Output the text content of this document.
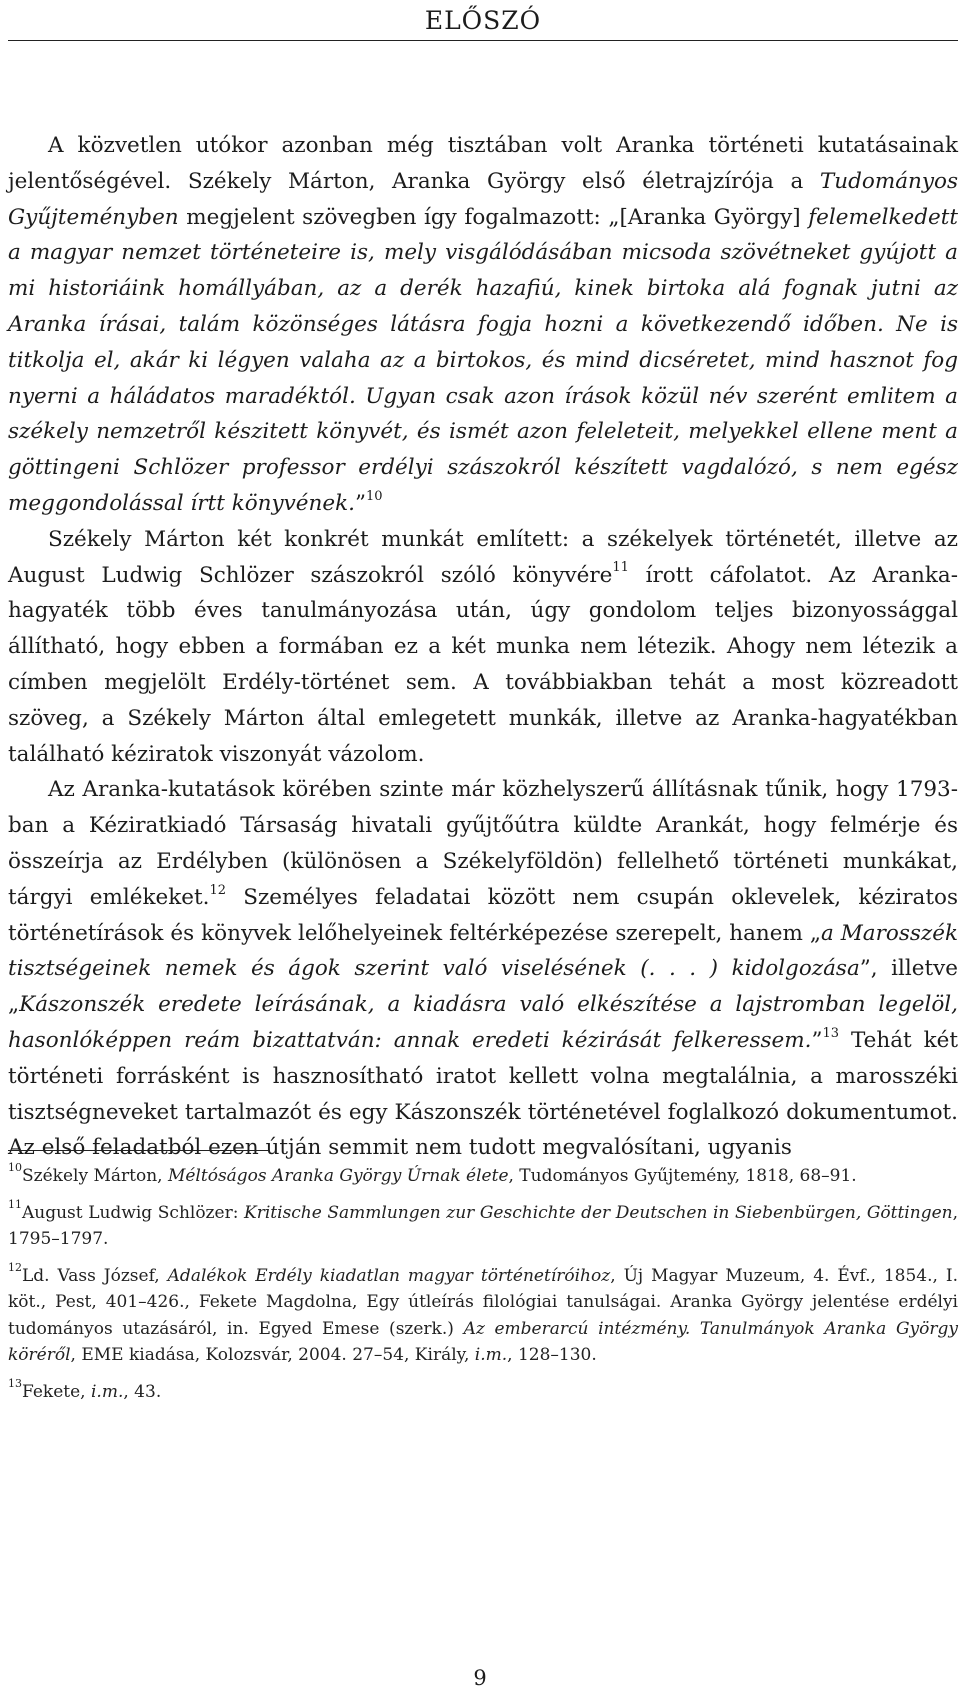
ELŐSZÓ

A közvetlen utókor azonban még tisztában volt Aranka történeti kutatásainak jelentőségével. Székely Márton, Aranka György első életrajzírója a Tudományos Gyűjteményben megjelent szövegben így fogalmazott: „[Aranka György] felemelkedett a magyar nemzet történeteire is, mely visgálódásában micsoda szövétneket gyújott a mi historiáink homállyában, az a derék hazafiú, kinek birtoka alá fognak jutni az Aranka írásai, talám közönséges látásra fogja hozni a következendő időben. Ne is titkolja el, akár ki légyen valaha az a birtokos, és mind dicséretet, mind hasznot fog nyerni a háládatos maradéktól. Ugyan csak azon írások közül név szerént emlitem a székely nemzetről készitett könyvét, és ismét azon feleleteit, melyekkel ellene ment a göttingeni Schlözer professor erdélyi szászokról készített vagdalózó, s nem egész meggondolással írtt könyvének.”$^{10}$

Székely Márton két konkrét munkát említett: a székelyek történetét, illetve az August Ludwig Schlözer szászokról szóló könyvére$^{11}$ írott cáfolatot. Az Aranka-hagyaték több éves tanulmányozása után, úgy gondolom teljes bizonyossággal állítható, hogy ebben a formában ez a két munka nem létezik. Ahogy nem létezik a címben megjelölt Erdély-történet sem. A továbbiakban tehát a most közreadott szöveg, a Székely Márton által emlegetett munkák, illetve az Aranka-hagyatékban található kéziratok viszonyát vázolom.

Az Aranka-kutatások körében szinte már közhelyszerű állításnak tűnik, hogy 1793-ban a Kéziratkiadó Társaság hivatali gyűjtőútra küldte Arankát, hogy felmérje és összeírja az Erdélyben (különösen a Székelyföldön) fellelhető történeti munkákat, tárgyi emlékeket.$^{12}$ Személyes feladatai között nem csupán oklevelek, kéziratos történetírások és könyvek lelőhelyeinek feltérképezése szerepelt, hanem „a Marosszék tisztségeinek nemek és ágok szerint való viselésének (. . . ) kidolgozása”, illetve „Kászonszék eredete leírásának, a kiadásra való elkészítése a lajstromban legelöl, hasonlóképpen reám bizattatván: annak eredeti kézirását felkeressem.”$^{13}$ Tehát két történeti forrásként is hasznosítható iratot kellett volna megtalálnia, a marosszéki tisztségneveket tartalmazót és egy Kászonszék történetével foglalkozó dokumentumot. Az első feladatból ezen útján semmit nem tudott megvalósítani, ugyanis

$^{10}$Székely Márton, Méltóságos Aranka György Úrnak élete, Tudományos Gyűjtemény, 1818, 68–91.

$^{11}$August Ludwig Schlözer: Kritische Sammlungen zur Geschichte der Deutschen in Siebenbürgen, Göttingen, 1795–1797.

$^{12}$Ld. Vass József, Adalékok Erdély kiadatlan magyar történetíróihoz, Új Magyar Muzeum, 4. Évf., 1854., I. köt., Pest, 401–426., Fekete Magdolna, Egy útleírás filológiai tanulságai. Aranka György jelentése erdélyi tudományos utazásáról, in. Egyed Emese (szerk.) Az emberarcú intézmény. Tanulmányok Aranka György köréről, EME kiadása, Kolozsvár, 2004. 27–54, Király, i.m., 128–130.

$^{13}$Fekete, i.m., 43.

9
